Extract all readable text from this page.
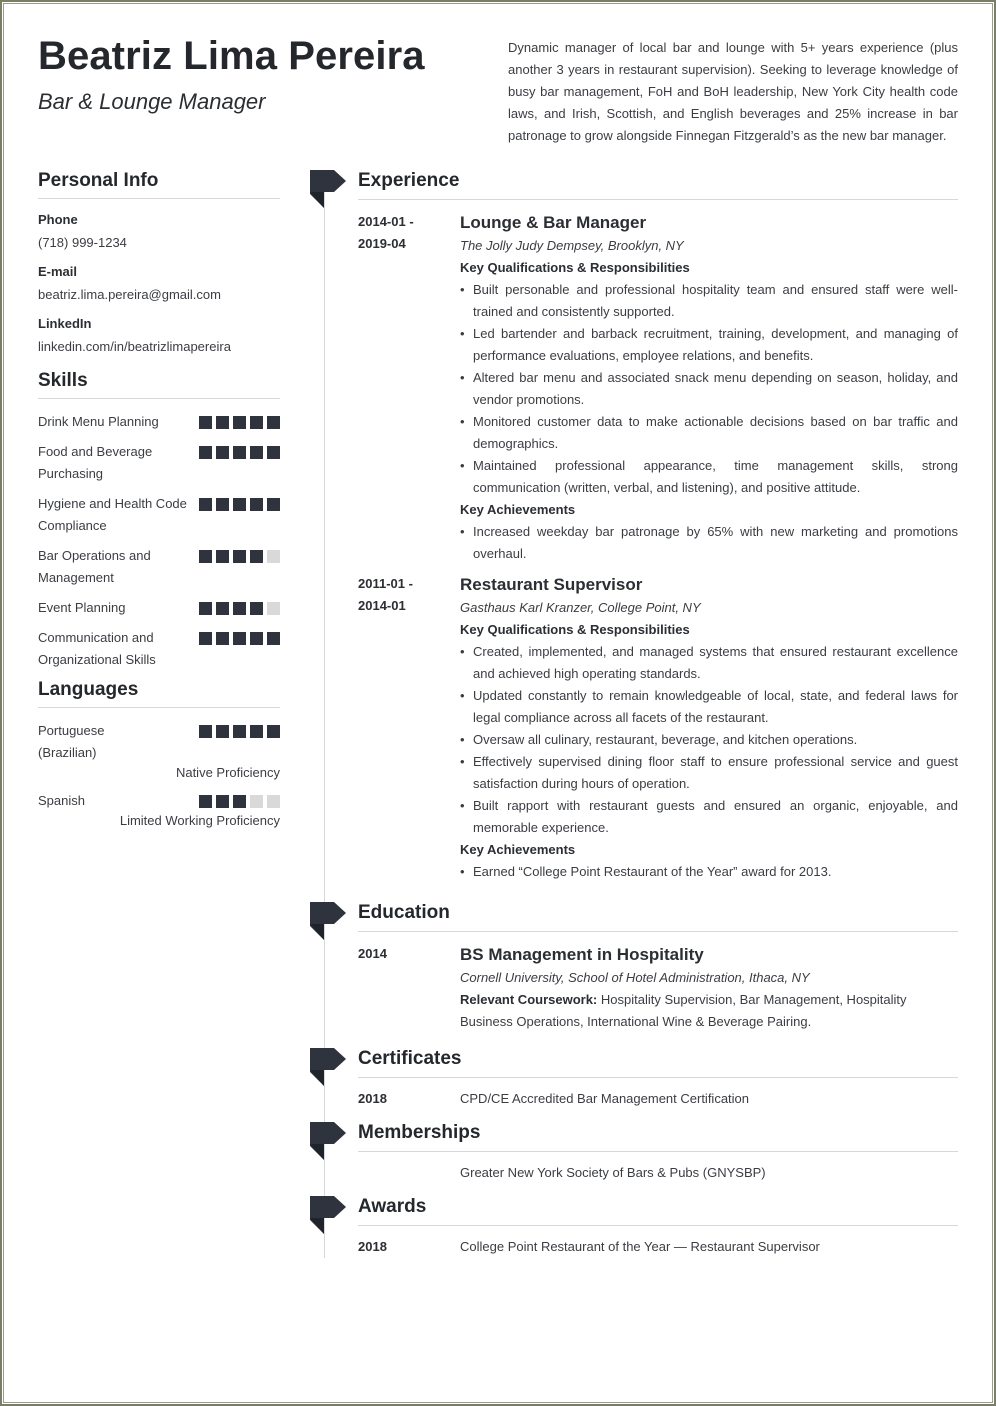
Beatriz Lima Pereira
Bar & Lounge Manager
Dynamic manager of local bar and lounge with 5+ years experience (plus another 3 years in restaurant supervision). Seeking to leverage knowledge of busy bar management, FoH and BoH leadership, New York City health code laws, and Irish, Scottish, and English beverages and 25% increase in bar patronage to grow alongside Finnegan Fitzgerald’s as the new bar manager.
Personal Info
Phone
(718) 999-1234
E-mail
beatriz.lima.pereira@gmail.com
LinkedIn
linkedin.com/in/beatrizlimapereira
Skills
Drink Menu Planning
Food and Beverage Purchasing
Hygiene and Health Code Compliance
Bar Operations and Management
Event Planning
Communication and Organizational Skills
Languages
Portuguese (Brazilian)
Native Proficiency
Spanish
Limited Working Proficiency
Experience
2014-01 -
2019-04
Lounge & Bar Manager
The Jolly Judy Dempsey, Brooklyn, NY
Key Qualifications & Responsibilities
• Built personable and professional hospitality team and ensured staff were well-trained and consistently supported.
• Led bartender and barback recruitment, training, development, and managing of performance evaluations, employee relations, and benefits.
• Altered bar menu and associated snack menu depending on season, holiday, and vendor promotions.
• Monitored customer data to make actionable decisions based on bar traffic and demographics.
• Maintained professional appearance, time management skills, strong communication (written, verbal, and listening), and positive attitude.
Key Achievements
• Increased weekday bar patronage by 65% with new marketing and promotions overhaul.
2011-01 -
2014-01
Restaurant Supervisor
Gasthaus Karl Kranzer, College Point, NY
Key Qualifications & Responsibilities
• Created, implemented, and managed systems that ensured restaurant excellence and achieved high operating standards.
• Updated constantly to remain knowledgeable of local, state, and federal laws for legal compliance across all facets of the restaurant.
• Oversaw all culinary, restaurant, beverage, and kitchen operations.
• Effectively supervised dining floor staff to ensure professional service and guest satisfaction during hours of operation.
• Built rapport with restaurant guests and ensured an organic, enjoyable, and memorable experience.
Key Achievements
• Earned “College Point Restaurant of the Year” award for 2013.
Education
2014	BS Management in Hospitality
Cornell University, School of Hotel Administration, Ithaca, NY
Relevant Coursework: Hospitality Supervision, Bar Management, Hospitality Business Operations, International Wine & Beverage Pairing.
Certificates
2018	CPD/CE Accredited Bar Management Certification
Memberships
Greater New York Society of Bars & Pubs (GNYSBP)
Awards
2018	College Point Restaurant of the Year — Restaurant Supervisor
